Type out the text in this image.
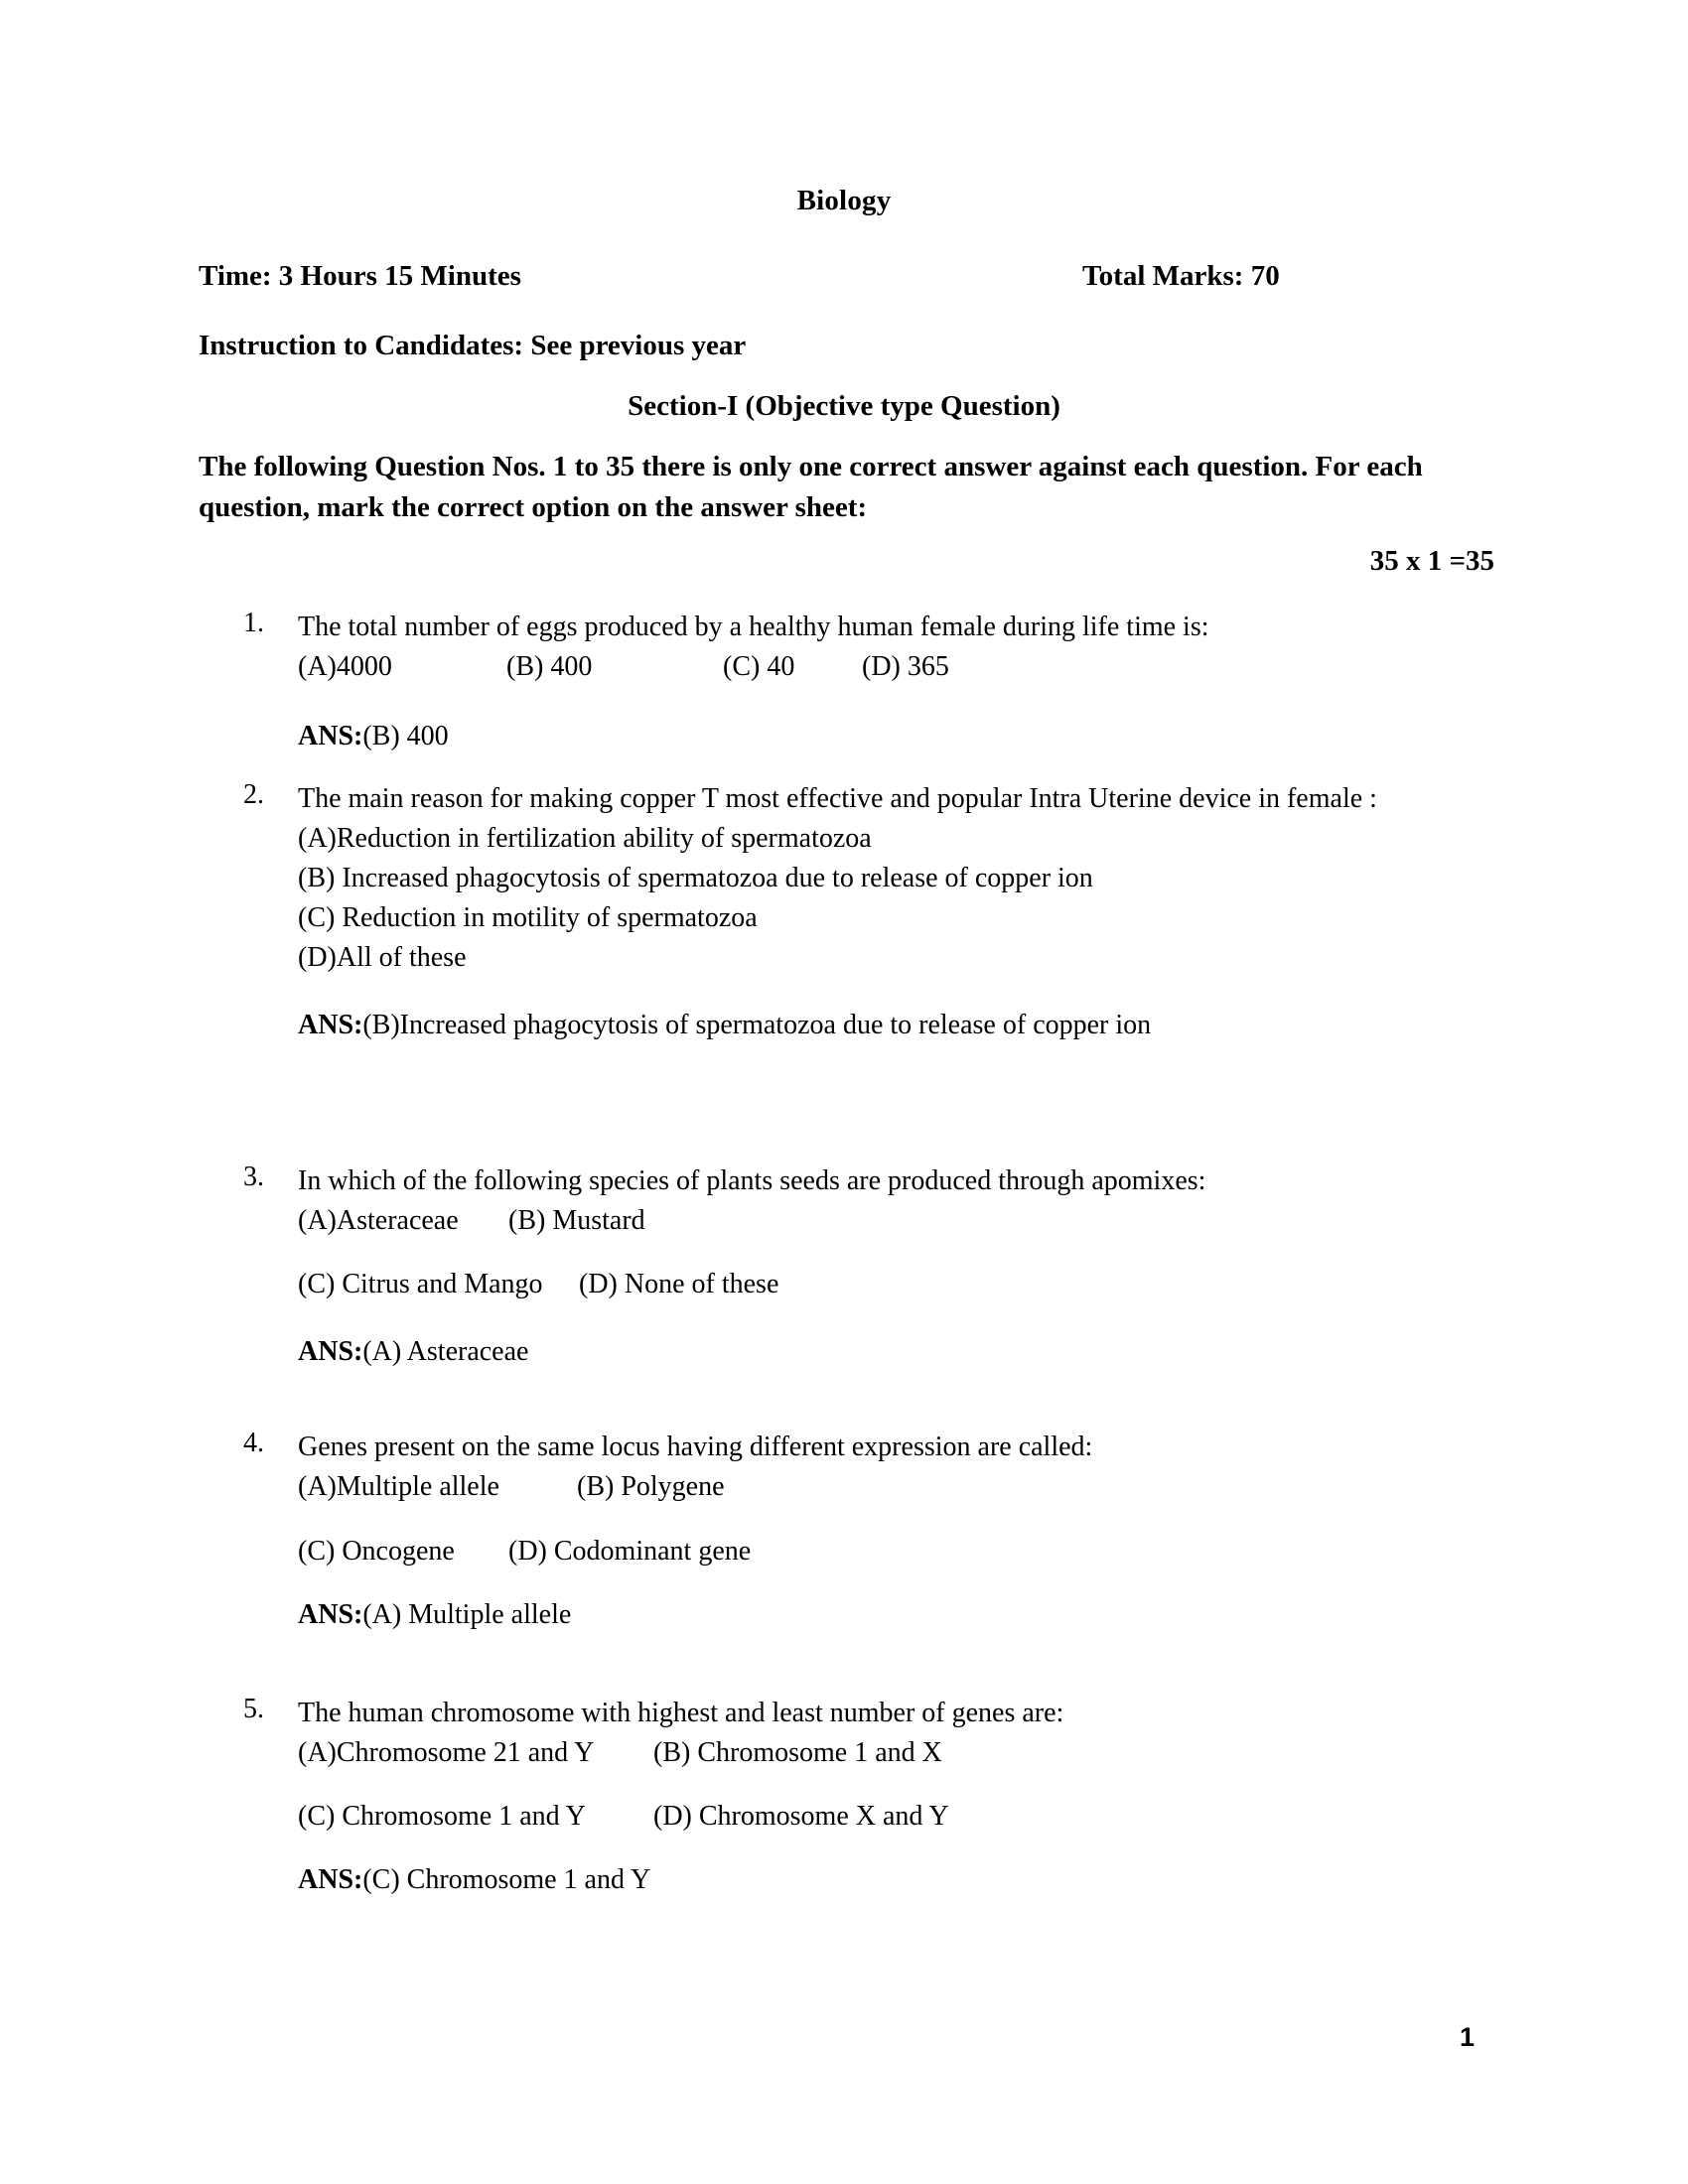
Biology
Time: 3 Hours 15 Minutes	Total Marks: 70
Instruction to Candidates: See previous year
Section-I (Objective type Question)
The following Question Nos. 1 to 35 there is only one correct answer against each question. For each question, mark the correct option on the answer sheet:
35 x 1 =35
1.	The total number of eggs produced by a healthy human female during life time is:
(A)4000	(B) 400	(C) 40 (D) 365
ANS:(B) 400
2.	The main reason for making copper T most effective and popular Intra Uterine device in female :
(A)Reduction in fertilization ability of spermatozoa
(B) Increased phagocytosis of spermatozoa due to release of copper ion
(C) Reduction in motility of spermatozoa
(D)All of these
ANS:(B)Increased phagocytosis of spermatozoa due to release of copper ion
3.	In which of the following species of plants seeds are produced through apomixes:
(A)Asteraceae (B) Mustard
(C) Citrus and Mango (D) None of these
ANS:(A) Asteraceae
4.	Genes present on the same locus having different expression are called:
(A)Multiple allele	(B) Polygene
(C) Oncogene (D) Codominant gene
ANS:(A) Multiple allele
5.	The human chromosome with highest and least number of genes are:
(A)Chromosome 21 and Y (B) Chromosome 1 and X
(C) Chromosome 1 and Y (D) Chromosome X and Y
ANS:(C) Chromosome 1 and Y
1
